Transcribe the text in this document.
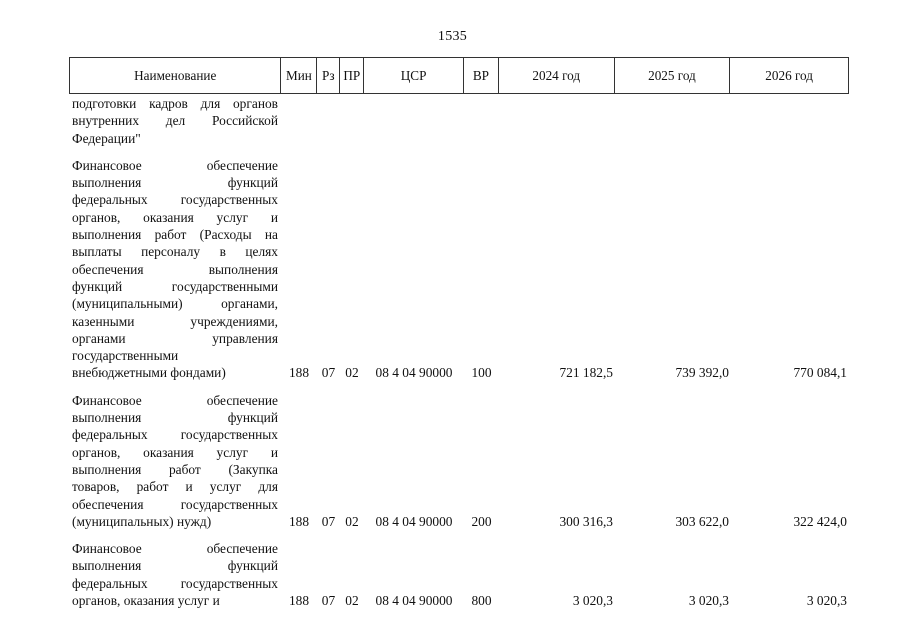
1535
Наименование	Мин Рз ПР	ЦСР	ВР	2024 год	2025 год	2026 год
подготовки кадров для органов
внутренних дел Российской
Федерации"
Финансовое обеспечение
выполнения функций
федеральных государственных
органов, оказания услуг и
выполнения работ (Расходы на
выплаты персоналу в целях
обеспечения выполнения
функций государственными
(муниципальными) органами,
казенными учреждениями,
органами управления
государственными
внебюджетными фондами)	188 07 02	08 4 04 90000	100	721 182,5	739 392,0	770 084,1
Финансовое обеспечение
выполнения функций
федеральных государственных
органов, оказания услуг и
выполнения работ (Закупка
товаров, работ и услуг для
обеспечения государственных
(муниципальных) нужд)	188 07 02	08 4 04 90000	200	300 316,3	303 622,0	322 424,0
Финансовое обеспечение
выполнения функций
федеральных государственных
органов, оказания услуг и	188 07 02	08 4 04 90000	800	3 020,3	3 020,3	3 020,3
